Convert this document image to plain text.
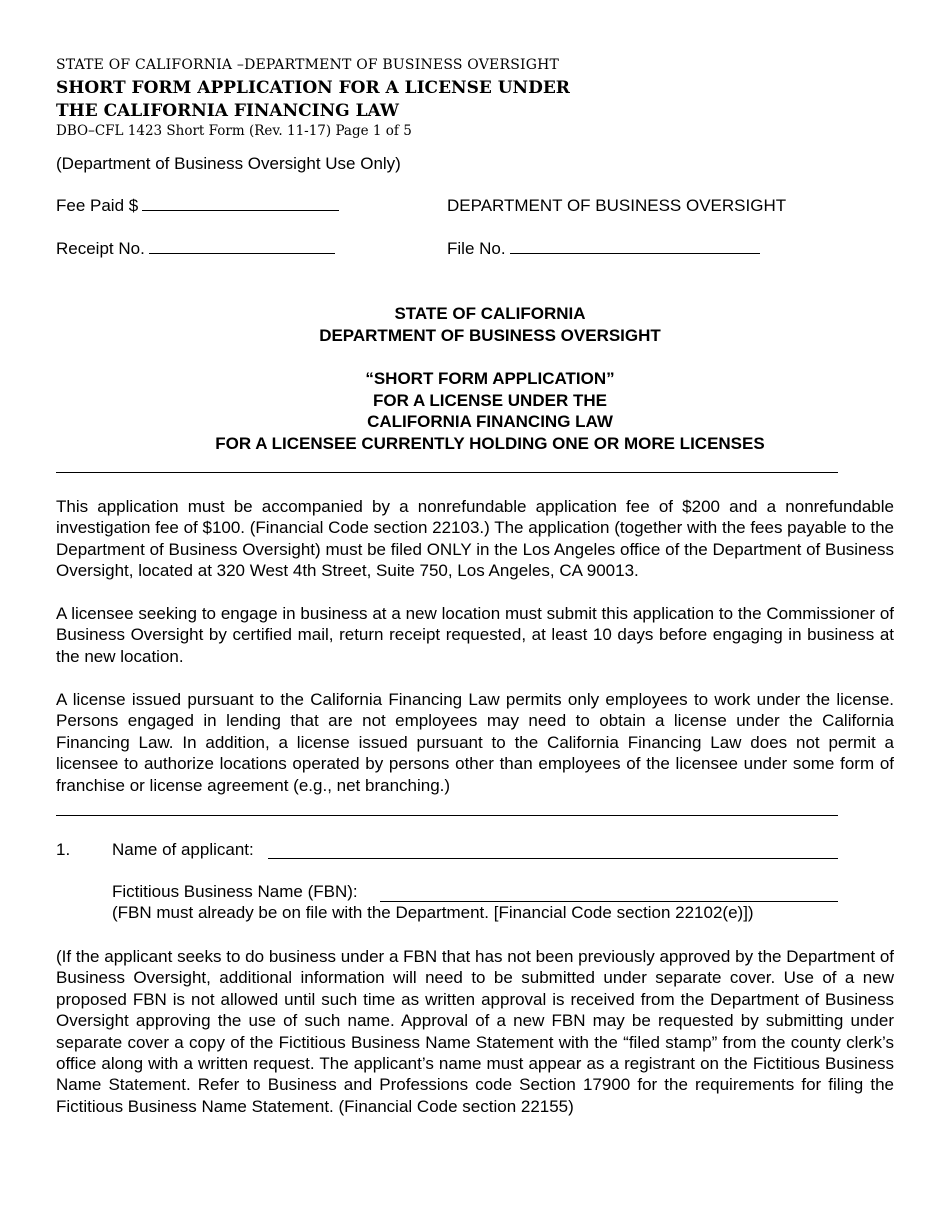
STATE OF CALIFORNIA –DEPARTMENT OF BUSINESS OVERSIGHT
SHORT FORM APPLICATION FOR A LICENSE UNDER
THE CALIFORNIA FINANCING LAW
DBO–CFL 1423 Short Form (Rev. 11-17) Page 1 of 5
(Department of Business Oversight Use Only)
Fee Paid $	DEPARTMENT OF BUSINESS OVERSIGHT
Receipt No.	File No.
STATE OF CALIFORNIA
DEPARTMENT OF BUSINESS OVERSIGHT
“SHORT FORM APPLICATION”
FOR A LICENSE UNDER THE
CALIFORNIA FINANCING LAW
FOR A LICENSEE CURRENTLY HOLDING ONE OR MORE LICENSES
This application must be accompanied by a nonrefundable application fee of $200 and a nonrefundable investigation fee of $100. (Financial Code section 22103.) The application (together with the fees payable to the Department of Business Oversight) must be filed ONLY in the Los Angeles office of the Department of Business Oversight, located at 320 West 4th Street, Suite 750, Los Angeles, CA 90013.
A licensee seeking to engage in business at a new location must submit this application to the Commissioner of Business Oversight by certified mail, return receipt requested, at least 10 days before engaging in business at the new location.
A license issued pursuant to the California Financing Law permits only employees to work under the license. Persons engaged in lending that are not employees may need to obtain a license under the California Financing Law. In addition, a license issued pursuant to the California Financing Law does not permit a licensee to authorize locations operated by persons other than employees of the licensee under some form of franchise or license agreement (e.g., net branching.)
1. Name of applicant:
Fictitious Business Name (FBN):
(FBN must already be on file with the Department. [Financial Code section 22102(e)])
(If the applicant seeks to do business under a FBN that has not been previously approved by the Department of Business Oversight, additional information will need to be submitted under separate cover. Use of a new proposed FBN is not allowed until such time as written approval is received from the Department of Business Oversight approving the use of such name. Approval of a new FBN may be requested by submitting under separate cover a copy of the Fictitious Business Name Statement with the “filed stamp” from the county clerk’s office along with a written request. The applicant’s name must appear as a registrant on the Fictitious Business Name Statement. Refer to Business and Professions code Section 17900 for the requirements for filing the Fictitious Business Name Statement. (Financial Code section 22155)
